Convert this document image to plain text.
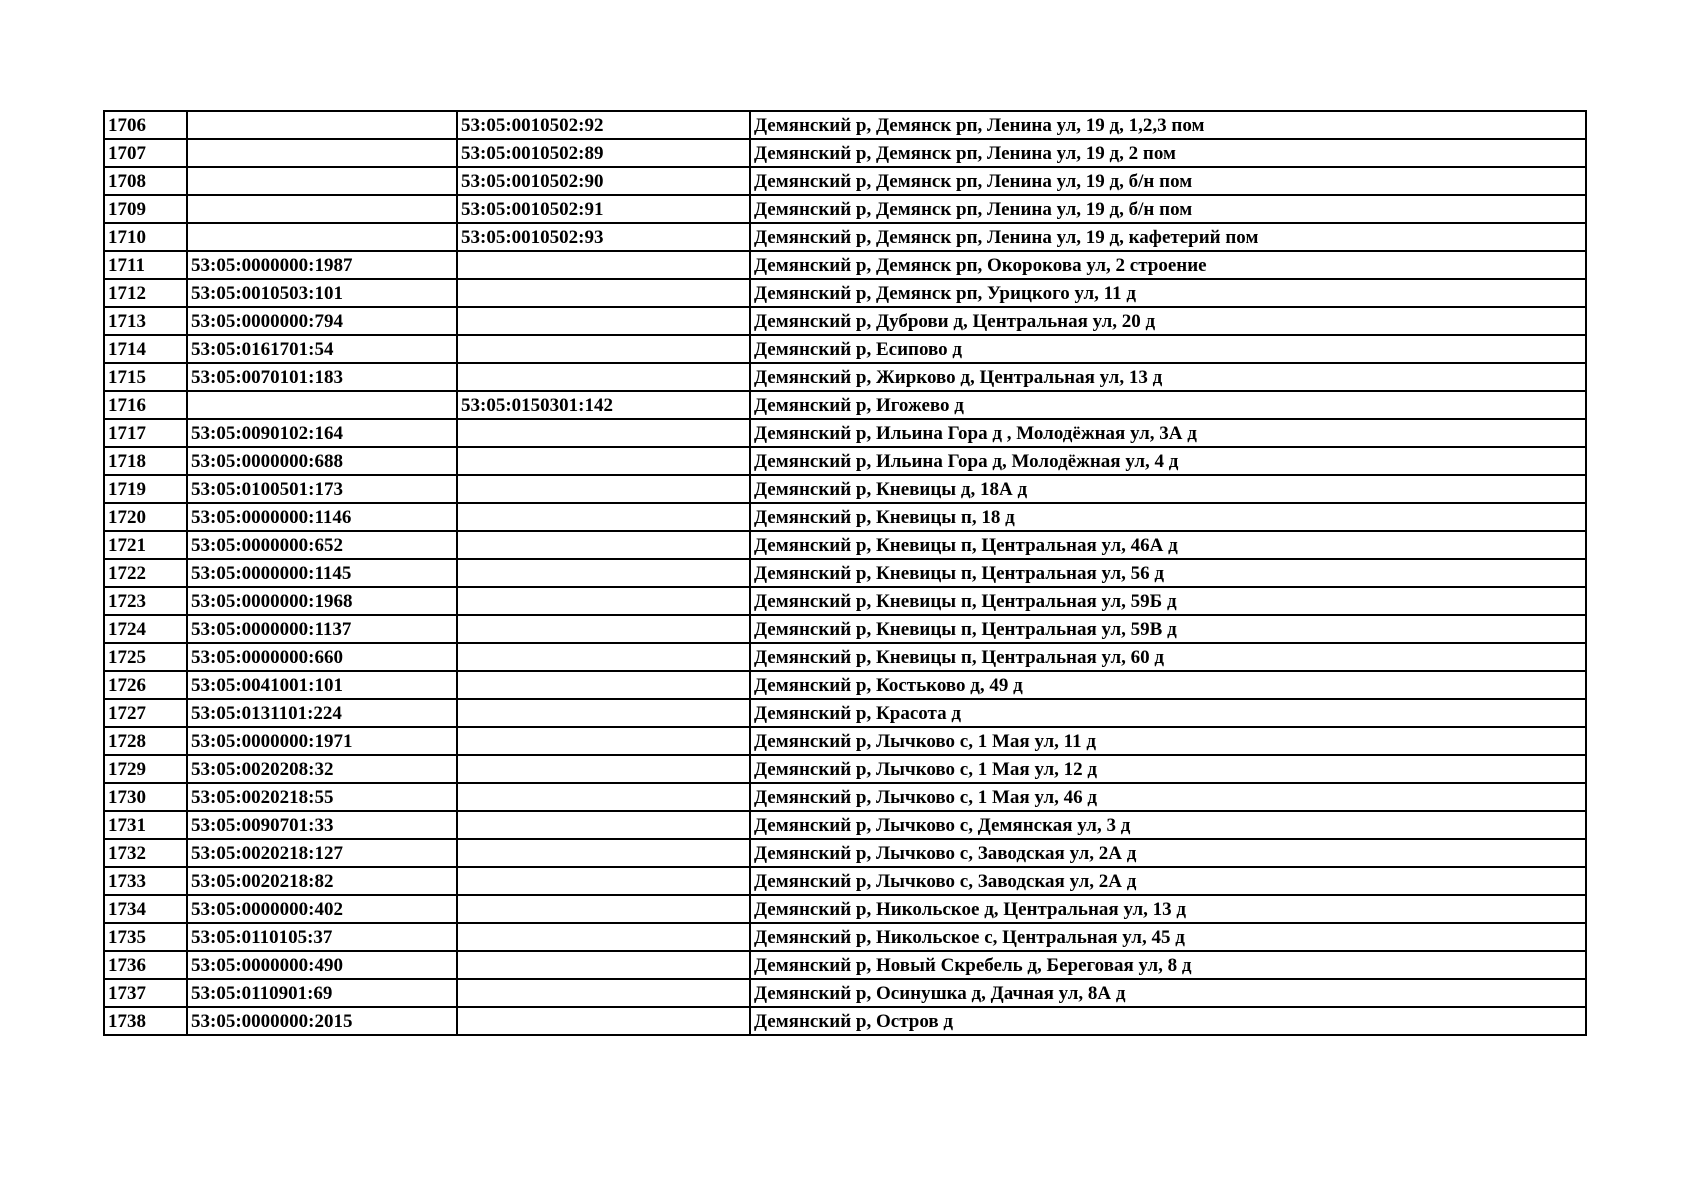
1706		53:05:0010502:92	Демянский р, Демянск рп, Ленина ул, 19 д, 1,2,3 пом
1707		53:05:0010502:89	Демянский р, Демянск рп, Ленина ул, 19 д, 2 пом
1708		53:05:0010502:90	Демянский р, Демянск рп, Ленина ул, 19 д, б/н пом
1709		53:05:0010502:91	Демянский р, Демянск рп, Ленина ул, 19 д, б/н пом
1710		53:05:0010502:93	Демянский р, Демянск рп, Ленина ул, 19 д, кафетерий пом
1711	53:05:0000000:1987		Демянский р, Демянск рп, Окорокова ул, 2 строение
1712	53:05:0010503:101		Демянский р, Демянск рп, Урицкого ул, 11 д
1713	53:05:0000000:794		Демянский р, Дуброви д, Центральная ул, 20 д
1714	53:05:0161701:54		Демянский р, Есипово д
1715	53:05:0070101:183		Демянский р, Жирково д, Центральная ул, 13 д
1716		53:05:0150301:142	Демянский р, Игожево д
1717	53:05:0090102:164		Демянский р, Ильина Гора д , Молодёжная ул, 3А д
1718	53:05:0000000:688		Демянский р, Ильина Гора д, Молодёжная ул, 4 д
1719	53:05:0100501:173		Демянский р, Кневицы д, 18А д
1720	53:05:0000000:1146		Демянский р, Кневицы п, 18 д
1721	53:05:0000000:652		Демянский р, Кневицы п, Центральная ул, 46А д
1722	53:05:0000000:1145		Демянский р, Кневицы п, Центральная ул, 56 д
1723	53:05:0000000:1968		Демянский р, Кневицы п, Центральная ул, 59Б д
1724	53:05:0000000:1137		Демянский р, Кневицы п, Центральная ул, 59В д
1725	53:05:0000000:660		Демянский р, Кневицы п, Центральная ул, 60 д
1726	53:05:0041001:101		Демянский р, Костьково д, 49 д
1727	53:05:0131101:224		Демянский р, Красота д
1728	53:05:0000000:1971		Демянский р, Лычково с, 1 Мая ул, 11 д
1729	53:05:0020208:32		Демянский р, Лычково с, 1 Мая ул, 12 д
1730	53:05:0020218:55		Демянский р, Лычково с, 1 Мая ул, 46 д
1731	53:05:0090701:33		Демянский р, Лычково с, Демянская ул, 3 д
1732	53:05:0020218:127		Демянский р, Лычково с, Заводская ул, 2А д
1733	53:05:0020218:82		Демянский р, Лычково с, Заводская ул, 2А д
1734	53:05:0000000:402		Демянский р, Никольское д, Центральная ул, 13 д
1735	53:05:0110105:37		Демянский р, Никольское с, Центральная ул, 45 д
1736	53:05:0000000:490		Демянский р, Новый Скребель д, Береговая ул, 8 д
1737	53:05:0110901:69		Демянский р, Осинушка д, Дачная ул, 8А д
1738	53:05:0000000:2015		Демянский р, Остров д
